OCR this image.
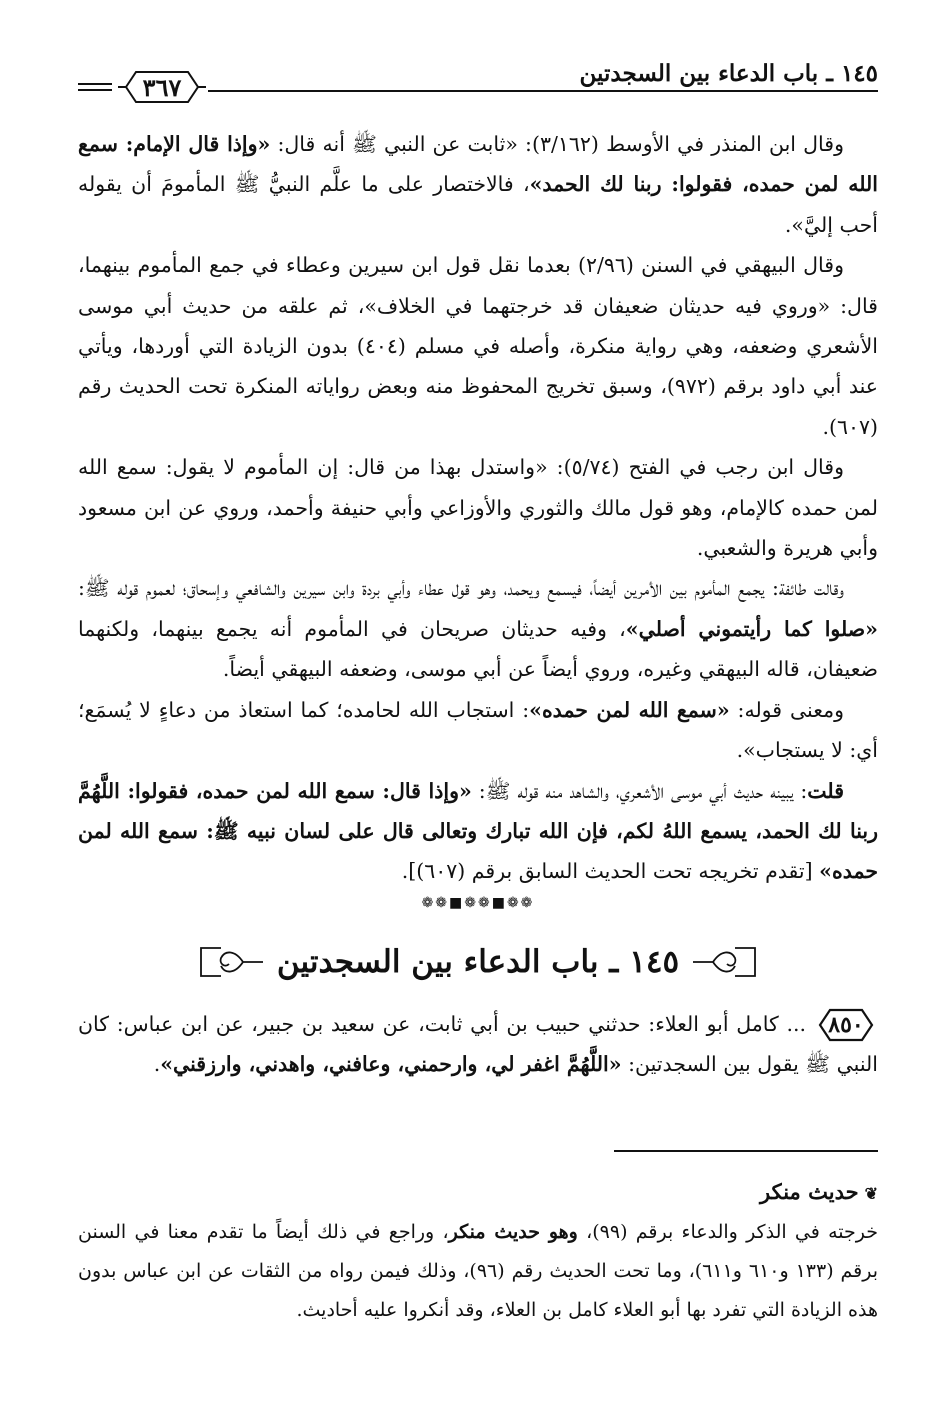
١٤٥ ـ باب الدعاء بين السجدتين
٣٦٧

وقال ابن المنذر في الأوسط (٣/١٦٢): «ثابت عن النبي ﷺ أنه قال: «وإذا قال الإمام: سمع الله لمن حمده، فقولوا: ربنا لك الحمد»، فالاختصار على ما علَّم النبيُّ ﷺ المأمومَ أن يقوله أحب إليَّ».

وقال البيهقي في السنن (٢/٩٦) بعدما نقل قول ابن سيرين وعطاء في جمع المأموم بينهما، قال: «وروي فيه حديثان ضعيفان قد خرجتهما في الخلاف»، ثم علقه من حديث أبي موسى الأشعري وضعفه، وهي رواية منكرة، وأصله في مسلم (٤٠٤) بدون الزيادة التي أوردها، ويأتي عند أبي داود برقم (٩٧٢)، وسبق تخريج المحفوظ منه وبعض رواياته المنكرة تحت الحديث رقم (٦٠٧).

وقال ابن رجب في الفتح (٥/٧٤): «واستدل بهذا من قال: إن المأموم لا يقول: سمع الله لمن حمده كالإمام، وهو قول مالك والثوري والأوزاعي وأبي حنيفة وأحمد، وروي عن ابن مسعود وأبي هريرة والشعبي.

وقالت طائفة: يجمع المأموم بين الأمرين أيضاً، فيسمع ويحمد، وهو قول عطاء وأبي بردة وابن سيرين والشافعي وإسحاق؛ لعموم قوله ﷺ: «صلوا كما رأيتموني أصلي»، وفيه حديثان صريحان في المأموم أنه يجمع بينهما، ولكنهما ضعيفان، قاله البيهقي وغيره، وروي أيضاً عن أبي موسى، وضعفه البيهقي أيضاً.

ومعنى قوله: «سمع الله لمن حمده»: استجاب الله لحامده؛ كما استعاذ من دعاءٍ لا يُسمَع؛ أي: لا يستجاب».

قلت: يبينه حديث أبي موسى الأشعري، والشاهد منه قوله ﷺ: «وإذا قال: سمع الله لمن حمده، فقولوا: اللَّهُمَّ ربنا لك الحمد، يسمع اللهُ لكم، فإن الله تبارك وتعالى قال على لسان نبيه ﷺ: سمع الله لمن حمده» [تقدم تخريجه تحت الحديث السابق برقم (٦٠٧)].

❁❁■❁❁■❁❁
١٤٥ ـ باب الدعاء بين السجدتين

٨٥٠
... كامل أبو العلاء: حدثني حبيب بن أبي ثابت، عن سعيد بن جبير، عن ابن عباس: كان النبي ﷺ يقول بين السجدتين: «اللَّهُمَّ اغفر لي، وارحمني، وعافني، واهدني، وارزقني».

❦حديث منكر

خرجته في الذكر والدعاء برقم (٩٩)، وهو حديث منكر، وراجع في ذلك أيضاً ما تقدم معنا في السنن برقم (١٣٣ و٦١٠ و٦١١)، وما تحت الحديث رقم (٩٦)، وذلك فيمن رواه من الثقات عن ابن عباس بدون هذه الزيادة التي تفرد بها أبو العلاء كامل بن العلاء، وقد أنكروا عليه أحاديث.
